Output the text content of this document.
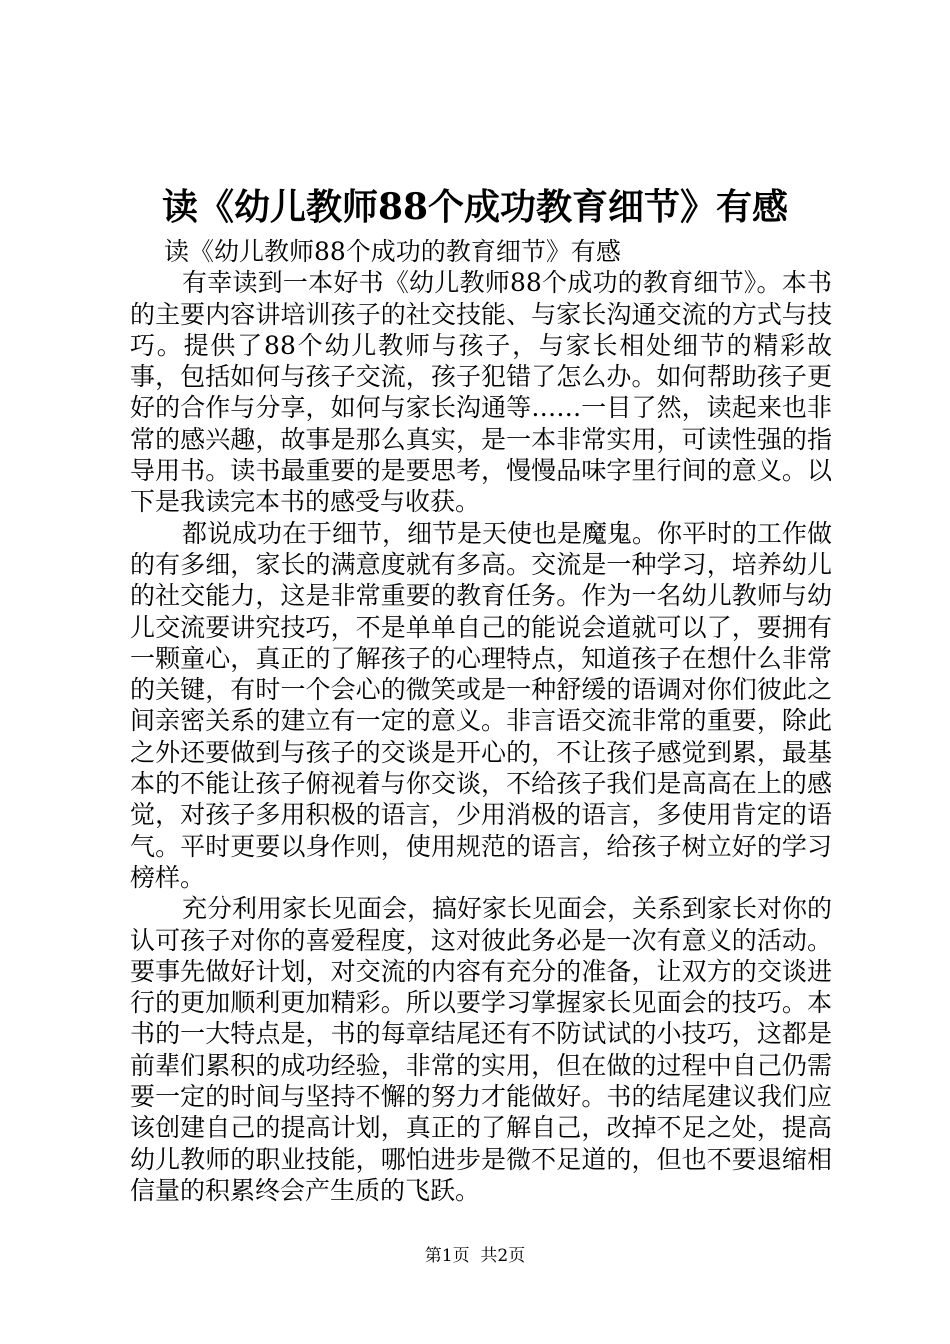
读《幼儿教师88个成功教育细节》有感

读《幼儿教师88个成功的教育细节》有感

有幸读到一本好书《幼儿教师88个成功的教育细节》。本书的主要内容讲培训孩子的社交技能、与家长沟通交流的方式与技巧。提供了88个幼儿教师与孩子，与家长相处细节的精彩故事，包括如何与孩子交流，孩子犯错了怎么办。如何帮助孩子更好的合作与分享，如何与家长沟通等……一目了然，读起来也非常的感兴趣，故事是那么真实，是一本非常实用，可读性强的指导用书。读书最重要的是要思考，慢慢品味字里行间的意义。以下是我读完本书的感受与收获。

都说成功在于细节，细节是天使也是魔鬼。你平时的工作做的有多细，家长的满意度就有多高。交流是一种学习，培养幼儿的社交能力，这是非常重要的教育任务。作为一名幼儿教师与幼儿交流要讲究技巧，不是单单自己的能说会道就可以了，要拥有一颗童心，真正的了解孩子的心理特点，知道孩子在想什么非常的关键，有时一个会心的微笑或是一种舒缓的语调对你们彼此之间亲密关系的建立有一定的意义。非言语交流非常的重要，除此之外还要做到与孩子的交谈是开心的，不让孩子感觉到累，最基本的不能让孩子俯视着与你交谈，不给孩子我们是高高在上的感觉，对孩子多用积极的语言，少用消极的语言，多使用肯定的语气。平时更要以身作则，使用规范的语言，给孩子树立好的学习榜样。

充分利用家长见面会，搞好家长见面会，关系到家长对你的认可孩子对你的喜爱程度，这对彼此务必是一次有意义的活动。要事先做好计划，对交流的内容有充分的准备，让双方的交谈进行的更加顺利更加精彩。所以要学习掌握家长见面会的技巧。本书的一大特点是，书的每章结尾还有不防试试的小技巧，这都是前辈们累积的成功经验，非常的实用，但在做的过程中自己仍需要一定的时间与坚持不懈的努力才能做好。书的结尾建议我们应该创建自己的提高计划，真正的了解自己，改掉不足之处，提高幼儿教师的职业技能，哪怕进步是微不足道的，但也不要退缩相信量的积累终会产生质的飞跃。

第1页  共2页
